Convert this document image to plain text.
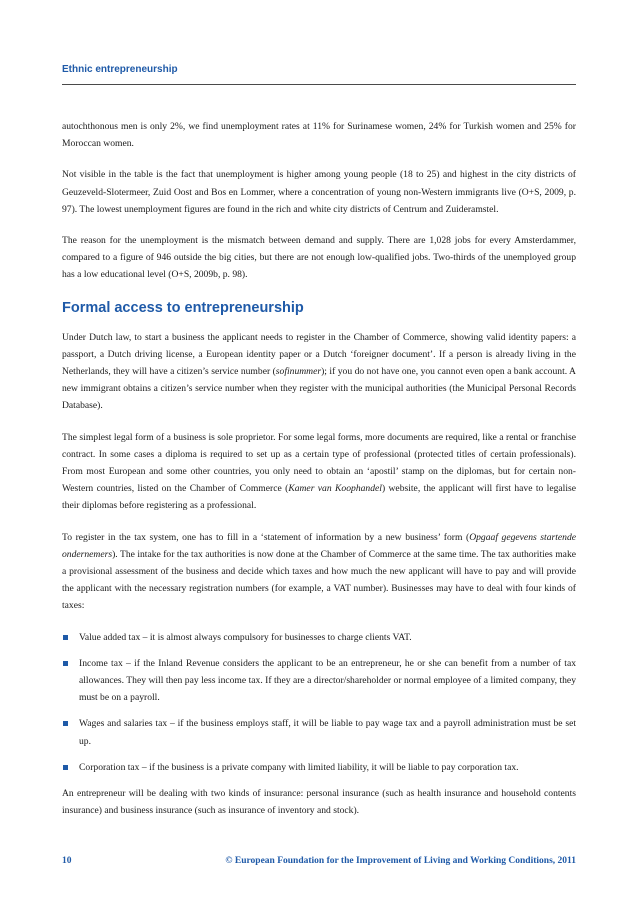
Ethnic entrepreneurship

autochthonous men is only 2%, we find unemployment rates at 11% for Surinamese women, 24% for Turkish women and 25% for Moroccan women.

Not visible in the table is the fact that unemployment is higher among young people (18 to 25) and highest in the city districts of Geuzeveld-Slotermeer, Zuid Oost and Bos en Lommer, where a concentration of young non-Western immigrants live (O+S, 2009, p. 97). The lowest unemployment figures are found in the rich and white city districts of Centrum and Zuideramstel.

The reason for the unemployment is the mismatch between demand and supply. There are 1,028 jobs for every Amsterdammer, compared to a figure of 946 outside the big cities, but there are not enough low-qualified jobs. Two-thirds of the unemployed group has a low educational level (O+S, 2009b, p. 98).

Formal access to entrepreneurship

Under Dutch law, to start a business the applicant needs to register in the Chamber of Commerce, showing valid identity papers: a passport, a Dutch driving license, a European identity paper or a Dutch ‘foreigner document’. If a person is already living in the Netherlands, they will have a citizen’s service number (sofinummer); if you do not have one, you cannot even open a bank account. A new immigrant obtains a citizen’s service number when they register with the municipal authorities (the Municipal Personal Records Database).

The simplest legal form of a business is sole proprietor. For some legal forms, more documents are required, like a rental or franchise contract. In some cases a diploma is required to set up as a certain type of professional (protected titles of certain professionals). From most European and some other countries, you only need to obtain an ‘apostil’ stamp on the diplomas, but for certain non-Western countries, listed on the Chamber of Commerce (Kamer van Koophandel) website, the applicant will first have to legalise their diplomas before registering as a professional.

To register in the tax system, one has to fill in a ‘statement of information by a new business’ form (Opgaaf gegevens startende ondernemers). The intake for the tax authorities is now done at the Chamber of Commerce at the same time. The tax authorities make a provisional assessment of the business and decide which taxes and how much the new applicant will have to pay and will provide the applicant with the necessary registration numbers (for example, a VAT number). Businesses may have to deal with four kinds of taxes:

Value added tax – it is almost always compulsory for businesses to charge clients VAT.
Income tax – if the Inland Revenue considers the applicant to be an entrepreneur, he or she can benefit from a number of tax allowances. They will then pay less income tax. If they are a director/shareholder or normal employee of a limited company, they must be on a payroll.
Wages and salaries tax – if the business employs staff, it will be liable to pay wage tax and a payroll administration must be set up.
Corporation tax – if the business is a private company with limited liability, it will be liable to pay corporation tax.

An entrepreneur will be dealing with two kinds of insurance: personal insurance (such as health insurance and household contents insurance) and business insurance (such as insurance of inventory and stock).

10	© European Foundation for the Improvement of Living and Working Conditions, 2011
